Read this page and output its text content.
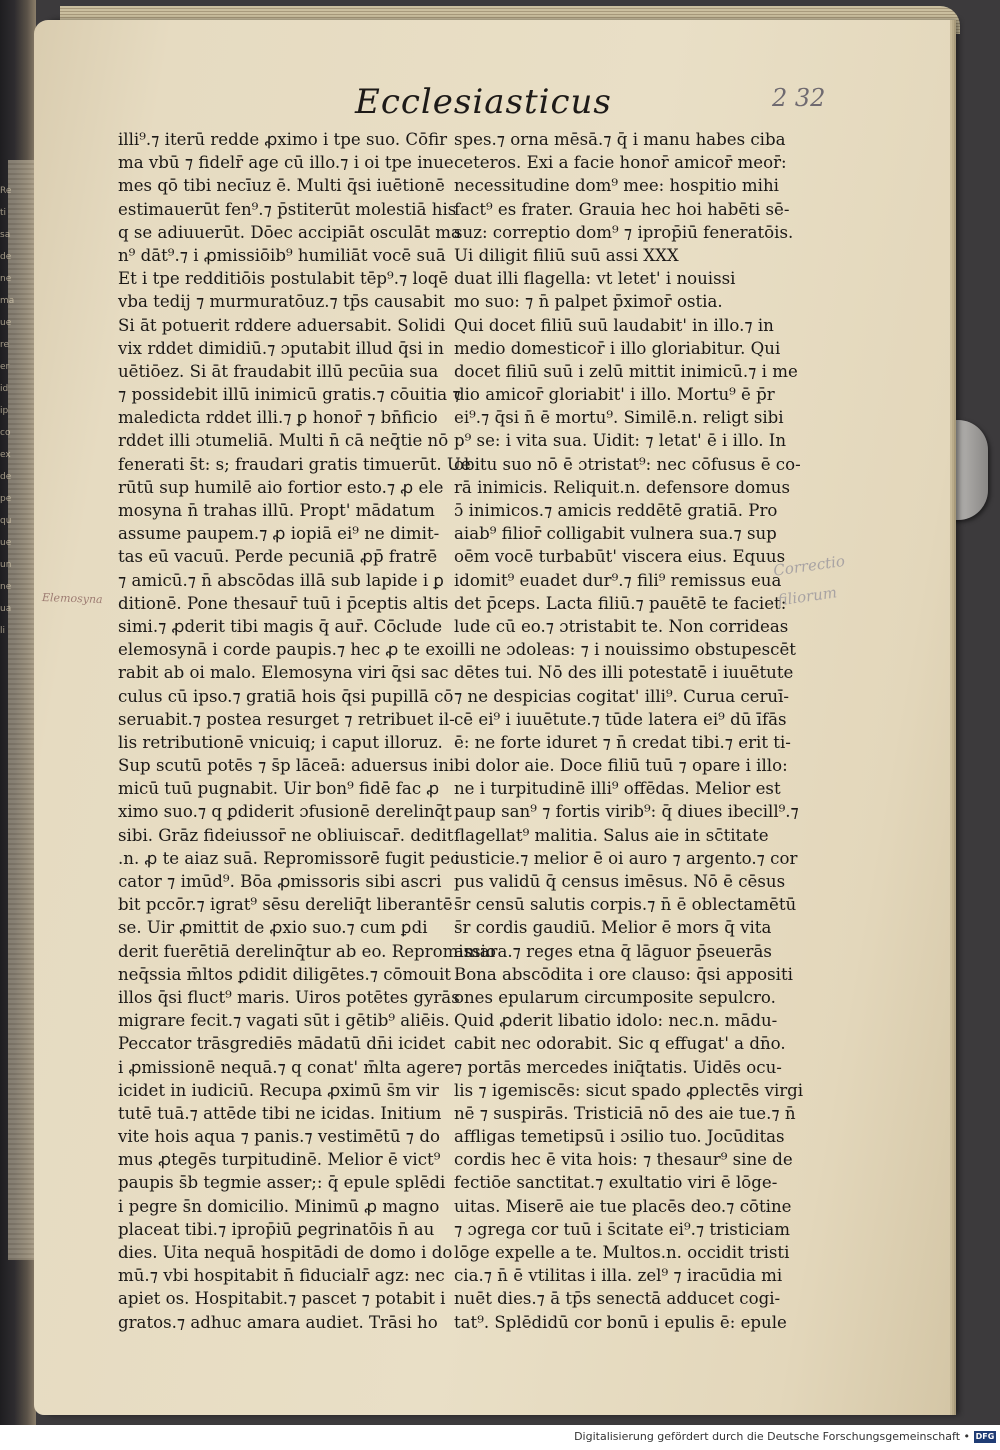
Re
ti
sa
de
ne
ma
ue
re
er
id
ip
co
ex
de
pe
qu
ue
un
ne
ua
li
Ecclesiasticus	2 32
illi⁹.⁊ iterū redde ꝓximo i tpe suo. Cōfir
ma vbū ⁊ fidelr̄ age cū illo.⁊ i oi tpe inue
mes qō tibi necīuz ē. Multi q̄si iuētionē
estimauerūt fen⁹.⁊ p̄stiterūt molestiā his
q se adiuuerūt. Dōec accipiāt osculāt ma
n⁹ dāt⁹.⁊ i ꝓmissiōib⁹ humiliāt vocē suā
Et i tpe redditiōis postulabit tēp⁹.⁊ loqē
vba tedij ⁊ murmuratōuz.⁊ tp̄s causabit
Si āt potuerit rddere aduersabit. Solidi
vix rddet dimidiū.⁊ ɔputabit illud q̄si in
uētiōez. Si āt fraudabit illū pecūia sua
⁊ possidebit illū inimicū gratis.⁊ cōuitia ⁊
maledicta rddet illi.⁊ ꝑ honor̄ ⁊ bn̄ficio
rddet illi ɔtumeliā. Multi n̄ cā neq̄tie nō
fenerati s̄t: s; fraudari gratis timuerūt. Ue
rūtū sup humilē aio fortior esto.⁊ ꝓ ele
mosyna n̄ trahas illū. Propt' mādatum
assume paupem.⁊ ꝓ iopiā ei⁹ ne dimit-
tas eū vacuū. Perde pecuniā ꝓp̄ fratrē
⁊ amicū.⁊ n̄ abscōdas illā sub lapide i ꝑ
ditionē. Pone thesaur̄ tuū i p̄ceptis altis
simi.⁊ ꝓderit tibi magis q̄ aur̄. Cōclude
elemosynā i corde paupis.⁊ hec ꝓ te exo
rabit ab oi malo. Elemosyna viri q̄si sac
culus cū ipso.⁊ gratiā hois q̄si pupillā cō
seruabit.⁊ postea resurget ⁊ retribuet il-
lis retributionē vnicuiq; i caput illoruz.
Sup scutū potēs ⁊ s̄p lāceā: aduersus ini
micū tuū pugnabit. Uir bon⁹ fidē fac ꝓ
ximo suo.⁊ q ꝑdiderit ɔfusionē derelinq̄t
sibi. Grāz fideiussor̄ ne obliuiscar̄. dedit
.n. ꝓ te aiaz suā. Repromissorē fugit pec
cator ⁊ imūd⁹. Bōa ꝓmissoris sibi ascri
bit pccōr.⁊ igrat⁹ sēsu dereliq̄t liberantē
se. Uir ꝓmittit de ꝓxio suo.⁊ cum ꝑdi
derit fuerētiā derelinq̄tur ab eo. Repromissio
neq̄ssia m̄ltos ꝑdidit diligētes.⁊ cōmouit
illos q̄si fluct⁹ maris. Uiros potētes gyrās
migrare fecit.⁊ vagati sūt i gētib⁹ aliēis.
Peccator trāsgrediēs mādatū dn̄i icidet
i ꝓmissionē nequā.⁊ q conat' m̄lta agere
icidet in iudiciū. Recupa ꝓximū s̄m vir
tutē tuā.⁊ attēde tibi ne icidas. Initium
vite hois aqua ⁊ panis.⁊ vestimētū ⁊ do
mus ꝓtegēs turpitudinē. Melior ē vict⁹
paupis s̄b tegmie asser;: q̄ epule splēdi
i pegre s̄n domicilio. Minimū ꝓ magno
placeat tibi.⁊ iprop̄iū ꝑegrinatōis n̄ au
dies. Uita nequā hospitādi de domo i do
mū.⁊ vbi hospitabit n̄ fiducialr̄ agz: nec
apiet os. Hospitabit.⁊ pascet ⁊ potabit i
gratos.⁊ adhuc amara audiet. Trāsi ho
spes.⁊ orna mēsā.⁊ q̄ i manu habes ciba
ceteros. Exi a facie honor̄ amicor̄ meor̄:
necessitudine dom⁹ mee: hospitio mihi
fact⁹ es frater. Grauia hec hoi habēti sē-
suz: correptio dom⁹ ⁊ iprop̄iū feneratōis.
Ui diligit filiū suū assi XXX
duat illi flagella: vt letet' i nouissi
mo suo: ⁊ n̄ palpet p̄ximor̄ ostia.
Qui docet filiū suū laudabit' in illo.⁊ in
medio domesticor̄ i illo gloriabitur. Qui
docet filiū suū i zelū mittit inimicū.⁊ i me
dio amicor̄ gloriabit' i illo. Mortu⁹ ē p̄r
ei⁹.⁊ q̄si n̄ ē mortu⁹. Similē.n. religt sibi
p⁹ se: i vita sua. Uidit: ⁊ letat' ē i illo. In
obitu suo nō ē ɔtristat⁹: nec cōfusus ē co-
rā inimicis. Reliquit.n. defensore domus
ɔ̄ inimicos.⁊ amicis reddētē gratiā. Pro
aiab⁹ filior̄ colligabit vulnera sua.⁊ sup
oēm vocē turbabūt' viscera eius. Equus
idomit⁹ euadet dur⁹.⁊ fili⁹ remissus eua
det p̄ceps. Lacta filiū.⁊ pauētē te faciet:
lude cū eo.⁊ ɔtristabit te. Non corrideas
illi ne ɔdoleas: ⁊ i nouissimo obstupescēt
dētes tui. Nō des illi potestatē i iuuētute
⁊ ne despicias cogitat' illi⁹. Curua ceruī-
cē ei⁹ i iuuētute.⁊ tūde latera ei⁹ dū īfās
ē: ne forte iduret ⁊ n̄ credat tibi.⁊ erit ti-
bi dolor aie. Doce filiū tuū ⁊ opare i illo:
ne i turpitudinē illi⁹ offēdas. Melior est
paup san⁹ ⁊ fortis virib⁹: q̄ diues ibecill⁹.⁊
flagellat⁹ malitia. Salus aie in sc̄titate
iusticie.⁊ melior ē oi auro ⁊ argento.⁊ cor
pus validū q̄ census imēsus. Nō ē cēsus
s̄r censū salutis corpis.⁊ n̄ ē oblectamētū
s̄r cordis gaudiū. Melior ē mors q̄ vita
amara.⁊ reges etna q̄ lāguor p̄seuerās
Bona abscōdita i ore clauso: q̄si appositi
ones epularum circumposite sepulcro.
Quid ꝓderit libatio idolo: nec.n. mādu-
cabit nec odorabit. Sic q effugat' a dn̄o.
⁊ portās mercedes iniq̄tatis. Uidēs ocu-
lis ⁊ igemiscēs: sicut spado ꝓplectēs virgi
nē ⁊ suspirās. Tristiciā nō des aie tue.⁊ n̄
affligas temetipsū i ɔsilio tuo. Jocūditas
cordis hec ē vita hois: ⁊ thesaur⁹ sine de
fectiōe sanctitat.⁊ exultatio viri ē lōge-
uitas. Miserē aie tue placēs deo.⁊ cōtine
⁊ ɔgrega cor tuū i s̄citate ei⁹.⁊ tristiciam
lōge expelle a te. Multos.n. occidit tristi
cia.⁊ n̄ ē vtilitas i illa. zel⁹ ⁊ iracūdia mi
nuēt dies.⁊ ā tp̄s senectā adducet cogi-
tat⁹. Splēdidū cor bonū i epulis ē: epule
Elemosyna
Correctio
filiorum
Digitalisierung gefördert durch die Deutsche Forschungsgemeinschaft • DFG
